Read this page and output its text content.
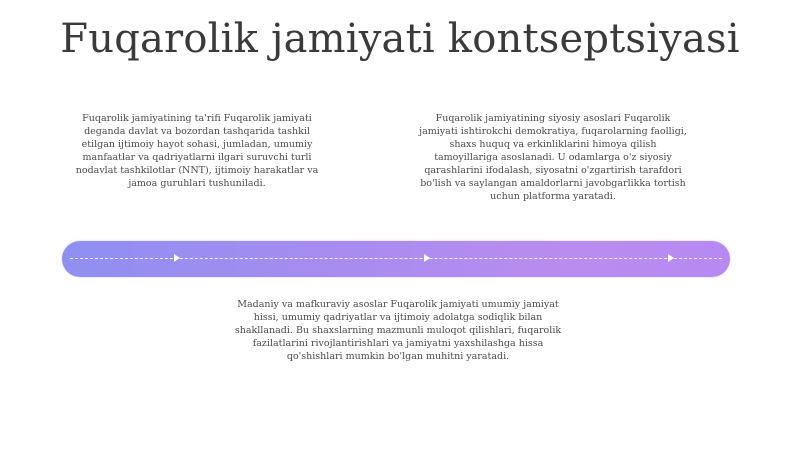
Fuqarolik jamiyati kontseptsiyasi
Fuqarolik jamiyatining ta'rifi Fuqarolik jamiyati deganda davlat va bozordan tashqarida tashkil etilgan ijtimoiy hayot sohasi, jumladan, umumiy manfaatlar va qadriyatlarni ilgari suruvchi turli nodavlat tashkilotlar (NNT), ijtimoiy harakatlar va jamoa guruhlari tushuniladi.
Fuqarolik jamiyatining siyosiy asoslari Fuqarolik jamiyati ishtirokchi demokratiya, fuqarolarning faolligi, shaxs huquq va erkinliklarini himoya qilish tamoyillariga asoslanadi. U odamlarga o'z siyosiy qarashlarini ifodalash, siyosatni o'zgartirish tarafdori bo'lish va saylangan amaldorlarni javobgarlikka tortish uchun platforma yaratadi.
Madaniy va mafkuraviy asoslar Fuqarolik jamiyati umumiy jamiyat hissi, umumiy qadriyatlar va ijtimoiy adolatga sodiqlik bilan shakllanadi. Bu shaxslarning mazmunli muloqot qilishlari, fuqarolik fazilatlarini rivojlantirishlari va jamiyatni yaxshilashga hissa qo'shishlari mumkin bo'lgan muhitni yaratadi.
